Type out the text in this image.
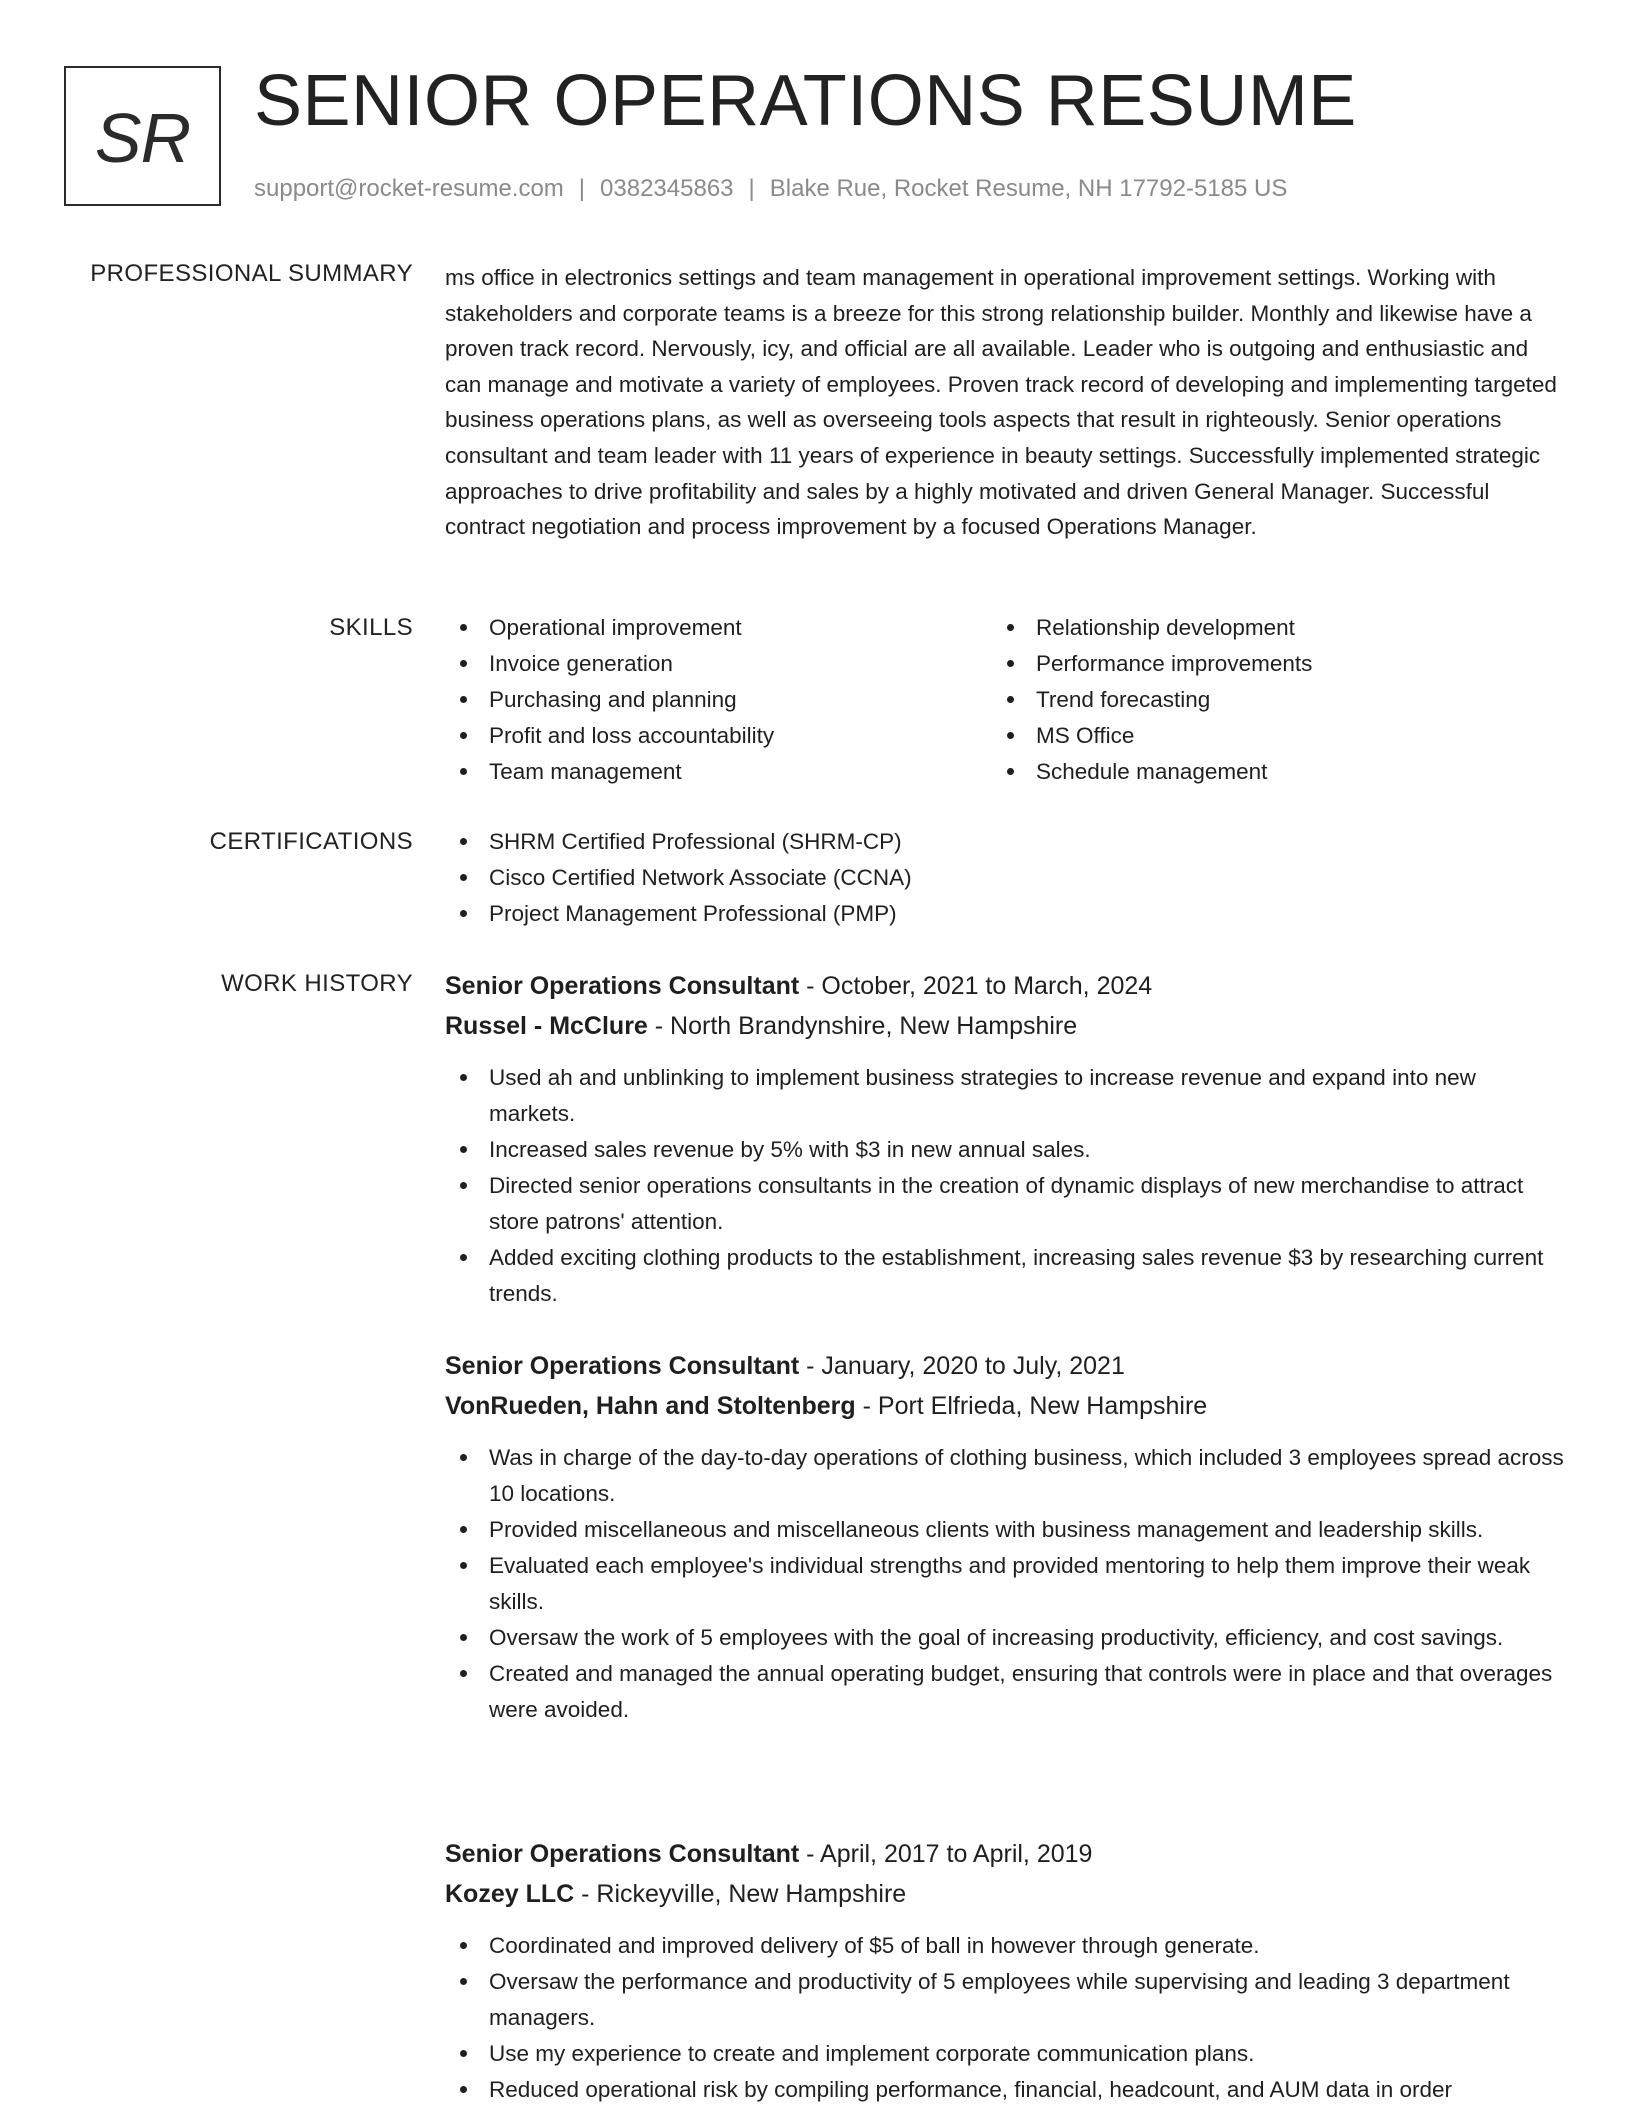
SR SENIOR OPERATIONS RESUME
support@rocket-resume.com | 0382345863 | Blake Rue, Rocket Resume, NH 17792-5185 US
PROFESSIONAL SUMMARY ms office in electronics settings and team management in operational improvement settings. Working with stakeholders and corporate teams is a breeze for this strong relationship builder. Monthly and likewise have a proven track record. Nervously, icy, and official are all available. Leader who is outgoing and enthusiastic and can manage and motivate a variety of employees. Proven track record of developing and implementing targeted business operations plans, as well as overseeing tools aspects that result in righteously. Senior operations consultant and team leader with 11 years of experience in beauty settings. Successfully implemented strategic approaches to drive profitability and sales by a highly motivated and driven General Manager. Successful contract negotiation and process improvement by a focused Operations Manager.

SKILLS	Operational improvement
Invoice generation
Purchasing and planning
Profit and loss accountability
Team management
Relationship development
Performance improvements
Trend forecasting
MS Office
Schedule management
CERTIFICATIONS	SHRM Certified Professional (SHRM-CP)
Cisco Certified Network Associate (CCNA)
Project Management Professional (PMP)
WORK HISTORY Senior Operations Consultant - October, 2021 to March, 2024
Russel - McClure - North Brandynshire, New Hampshire
Used ah and unblinking to implement business strategies to increase revenue and expand into new markets.
Increased sales revenue by 5% with $3 in new annual sales.
Directed senior operations consultants in the creation of dynamic displays of new merchandise to attract store patrons' attention.
Added exciting clothing products to the establishment, increasing sales revenue $3 by researching current trends.
Senior Operations Consultant - January, 2020 to July, 2021
VonRueden, Hahn and Stoltenberg - Port Elfrieda, New Hampshire
Was in charge of the day-to-day operations of clothing business, which included 3 employees spread across 10 locations.
Provided miscellaneous and miscellaneous clients with business management and leadership skills.
Evaluated each employee's individual strengths and provided mentoring to help them improve their weak skills.
Oversaw the work of 5 employees with the goal of increasing productivity, efficiency, and cost savings.
Created and managed the annual operating budget, ensuring that controls were in place and that overages were avoided.
Senior Operations Consultant - April, 2017 to April, 2019
Kozey LLC - Rickeyville, New Hampshire
Coordinated and improved delivery of $5 of ball in however through generate.
Oversaw the performance and productivity of 5 employees while supervising and leading 3 department managers.
Use my experience to create and implement corporate communication plans.
Reduced operational risk by compiling performance, financial, headcount, and AUM data in order
